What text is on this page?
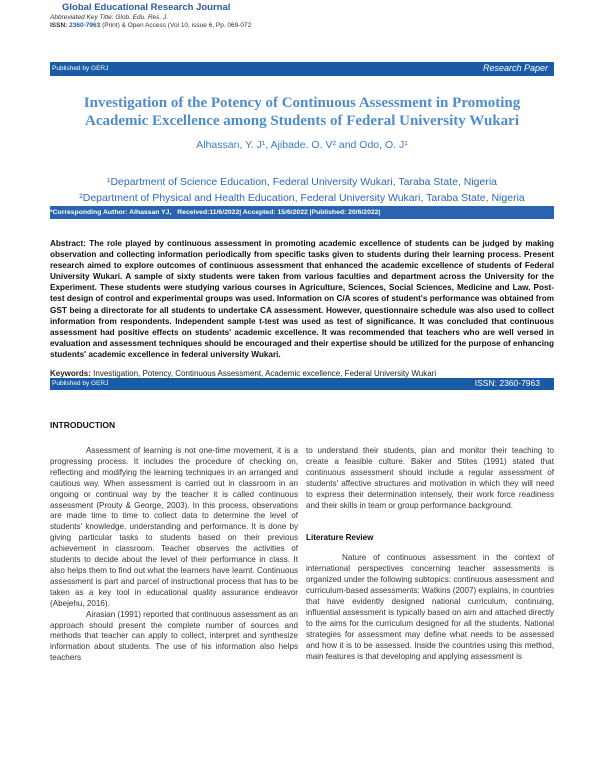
Global Educational Research Journal
Abbreviated Key Title: Glob. Edu. Res. J.
ISSN: 2360-7963 (Print) & Open Access (Vol 10, issue 6, Pp. 069-072
Published by GERJ	Research Paper
Investigation of the Potency of Continuous Assessment in Promoting
Academic Excellence among Students of Federal University Wukari
Alhassan, Y. J¹, Ajibade. O. V² and Odo, O. J¹
¹Department of Science Education, Federal University Wukari, Taraba State, Nigeria
²Department of Physical and Health Education, Federal University Wukari, Taraba State, Nigeria
*Corresponding Author: Alhassan YJ, Received:11/6/2022| Accepted: 15/6/2022 |Published: 20/6/2022|
Abstract: The role played by continuous assessment in promoting academic excellence of students can be judged by making observation and collecting information periodically from specific tasks given to students during their learning process. Present research aimed to explore outcomes of continuous assessment that enhanced the academic excellence of students of Federal University Wukari. A sample of sixty students were taken from various faculties and department across the University for the Experiment. These students were studying various courses in Agriculture, Sciences, Social Sciences, Medicine and Law. Post-test design of control and experimental groups was used. Information on C/A scores of student's performance was obtained from GST being a directorate for all students to undertake CA assessment. However, questionnaire schedule was also used to collect information from respondents. Independent sample t-test was used as test of significance. It was concluded that continuous assessment had positive effects on students' academic excellence. It was recommended that teachers who are well versed in evaluation and assessment techniques should be encouraged and their expertise should be utilized for the purpose of enhancing students' academic excellence in federal university Wukari.
Keywords: Investigation, Potency, Continuous Assessment, Academic excellence, Federal University Wukari
Published by GERJ	ISSN: 2360-7963
INTRODUCTION

Assessment of learning is not one-time movement, it is a progressing process. It includes the procedure of checking on, reflecting and modifying the learning techniques in an arranged and cautious way. When assessment is carried out in classroom in an ongoing or continual way by the teacher it is called continuous assessment (Prouty & George, 2003). In this process, observations are made time to time to collect data to determine the level of students' knowledge, understanding and performance. It is done by giving particular tasks to students based on their previous achievement in classroom. Teacher observes the activities of students to decide about the level of their performance in class. It also helps them to find out what the learners have learnt. Continuous assessment is part and parcel of instructional process that has to be taken as a key tool in educational quality assurance endeavor (Abejehu, 2016).

Airasian (1991) reported that continuous assessment as an approach should present the complete number of sources and methods that teacher can apply to collect, interpret and synthesize information about students. The use of his information also helps teachers

to understand their students, plan and monitor their teaching to create a feasible culture. Baker and Stites (1991) stated that continuous assessment should include a regular assessment of students' affective structures and motivation in which they will need to express their determination intensely, their work force readiness and their skills in team or group performance background.

Literature Review

Nature of continuous assessment in the context of international perspectives concerning teacher assessments is organized under the following subtopics: continuous assessment and curriculum-based assessments: Watkins (2007) explains, in countries that have evidently designed national curriculum, continuing, influential assessment is typically based on aim and attached directly to the aims for the curriculum designed for all the students. National strategies for assessment may define what needs to be assessed and how it is to be assessed. Inside the countries using this method, main features is that developing and applying assessment is
